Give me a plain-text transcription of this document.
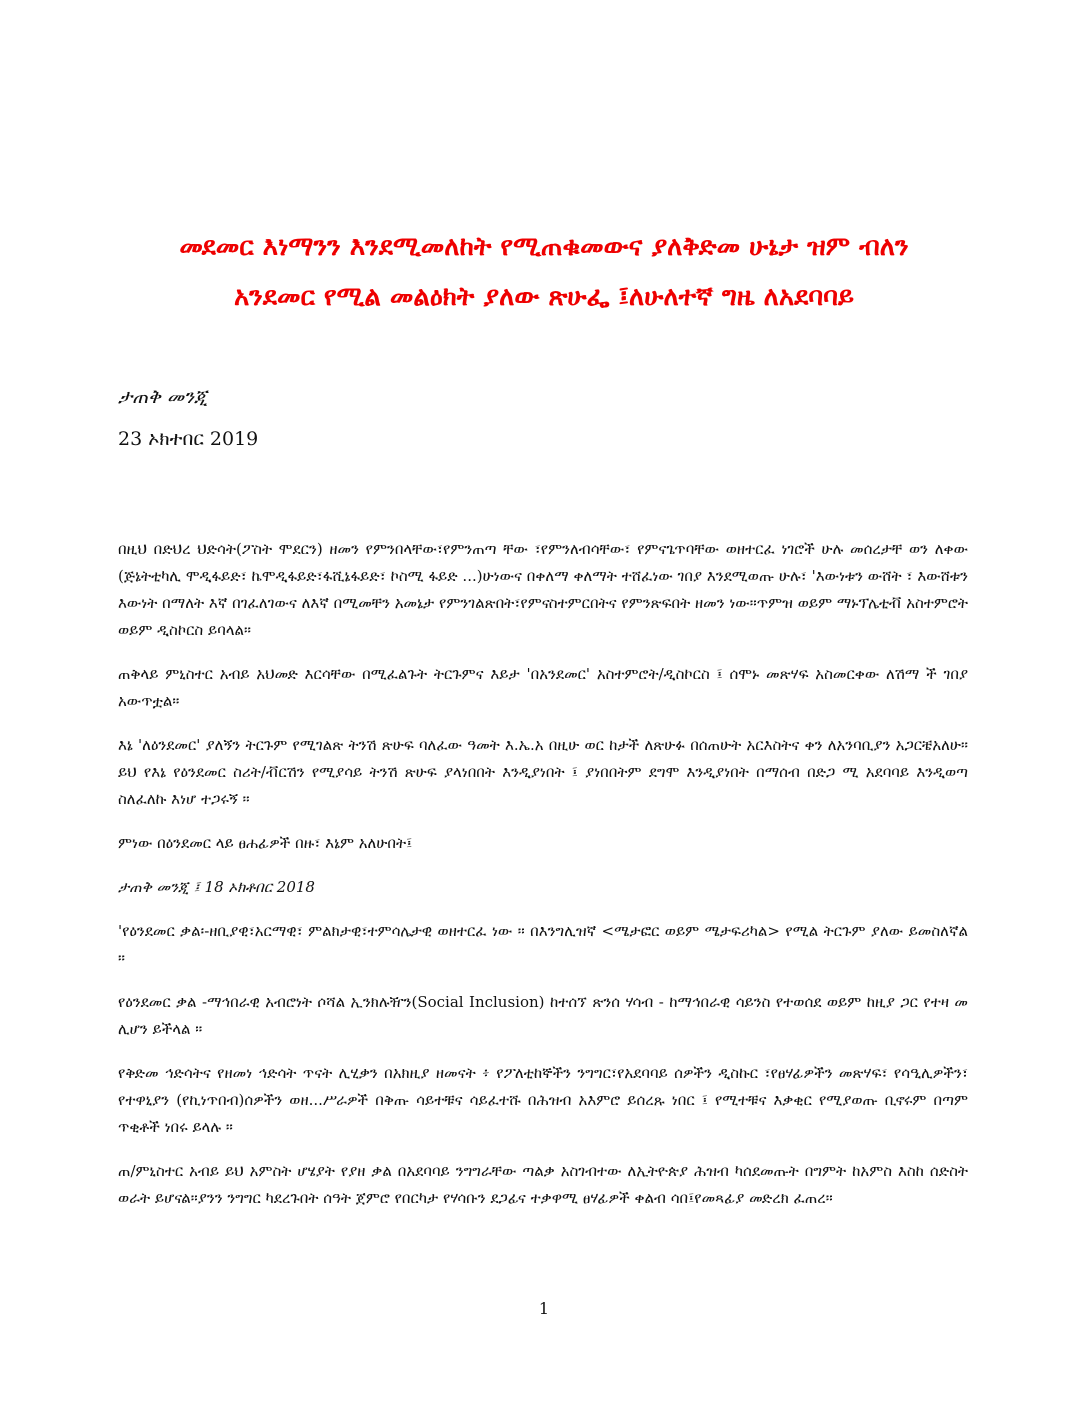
መደመር እነማንን እንደሚመለከት የሚጠቁመውና ያለቅድመ ሁኔታ ዝም ብለን
አንደመር የሚል መልዕክት ያለው ጽሁፌ ፤ለሁለተኛ ግዜ ለአደባባይ
ታጠቅ መንጂ
23 ኦክተበር 2019

በዚህ በድህረ ህድሳት(ፖስት ሞደርን) ዘመን የምንበላቸው፣የምንጠጣ ቸው ፣የምንለብሳቸው፣ የምናጌጥባቸው ወዘተርፈ ነገሮች ሁሉ መሰረታቸ ወን ለቀው (ጅኔትቲካሊ ሞዲፋይድ፣ ኬሞዲፋይድ፣ፋሺኔፋይድ፣ ኮስሚ ፋይድ ...)ሁነውና በቀለማ ቀለማት ተሸፈነው ገበያ እንደሚወጡ ሁሉ፣ 'እውነቱን ውሸት ፣ እውሸቱን እውነት በማለት እኛ በገፈለገውና ለእኛ በሚመቸን አመኔታ የምንገልጽበት፣የምናስተምርበትና የምንጽፍበት ዘመን ነው።ጥምዝ ወይም ማኑፕሌቲቭ አስተምሮት ወይም ዲስኮርስ ይባላል።

ጠቅላይ ምኒስተር አብይ አህመድ እርሳቸው በሚፈልጉት ትርጉምና እይታ 'በአንደመር' አስተምሮት/ዲስኮርስ ፤ ሰሞኑ መጽሃፍ አስመርቀው ለሽማ ች ገበያ አውጥቷል።

እኔ 'ለዕንደመር' ያለኝን ትርጉም የሚገልጽ ትንሽ ጽሁፍ ባለፈው ዓመት እ.ኤ.አ በዚሁ ወር ከታች ለጽሁፉ በሰጠሁት አርእስትና ቀን ለአንባቢያን አጋርቼአለሁ። ይህ የእኔ የዕንደመር ስሪት/ቭርሽን የሚያሳይ ትንሽ ጽሁፍ ያላነበበት እንዲያነበት ፤ ያነበበትም ደግሞ እንዲያነበት በማሰብ በድጋ ሚ አደባባይ እንዲወጣ ስለፈለኩ እነሆ ተጋሩኝ ።

ምነው በዕንደመር ላይ ፀሐፊዎች በዙ፣ እኔም አለሁበት፤

ታጠቅ መንጂ ፤ 18 ኦክቶበር 2018

'የዕንደመር ቃል፡-ዘቢያዊ፣አርማዊ፣ ምልክታዊ፣ተምሳሌታዊ ወዘተርፈ ነው ። በእንግሊዝኛ <ሜታፎር ወይም ሜታፍሪካል> የሚል ትርጉም ያለው ይመስለኛል ።

የዕንደመር ቃል -ማኅበራዊ አብሮነት ሶሻል ኢንክሉዥን(Social Inclusion) ከተሰኘ ጽንሰ ሃሳብ - ከማኅበራዊ ሳይንስ የተወሰደ ወይም ከዚያ ጋር የተዛ መ ሊሆን ይችላል ።

የቅድመ ኅድሳትና የዘመነ ኅድሳት ጥናት ሊሂቃን በአክዚያ ዘመናት ፥ የፖለቲከኞችን ንግግር፣የአደባባይ ሰዎችን ዲስኩር ፣የፀሃፊዎችን መጽሃፍ፣ የሳዒሊዎችን፣ የተዋኒያን (የኪነጥበብ)ሰዎችን ወዘ...ሥራዎች በቅጡ ሳይተቹና ሳይፈተሹ በሕዝብ አእምሮ ይሰረጹ ነበር ፤ የሚተቹና እቃቂር የሚያወጡ ቢኖሩም በጣም ጥቂቶች ነበሩ ይላሉ ።

ጠ/ምኒስተር አብይ ይህ አምስት ሆሄያት የያዘ ቃል በአደባባይ ንግግራቸው ጣልቃ አስገብተው ለኢትዮጵያ ሕዝብ ካሰደመጡት በግምት ከአምስ እስከ ሰድስት ወራት ይሆናል።ያንን ንግግር ካደረጉበት ሰዓት ጀምሮ የበርካታ የሃሳቡን ደጋፊና ተቃዋሚ ፀሃፊዎች ቀልብ ሳበ፤የመጻፊያ መድረክ ፈጠረ።

1
